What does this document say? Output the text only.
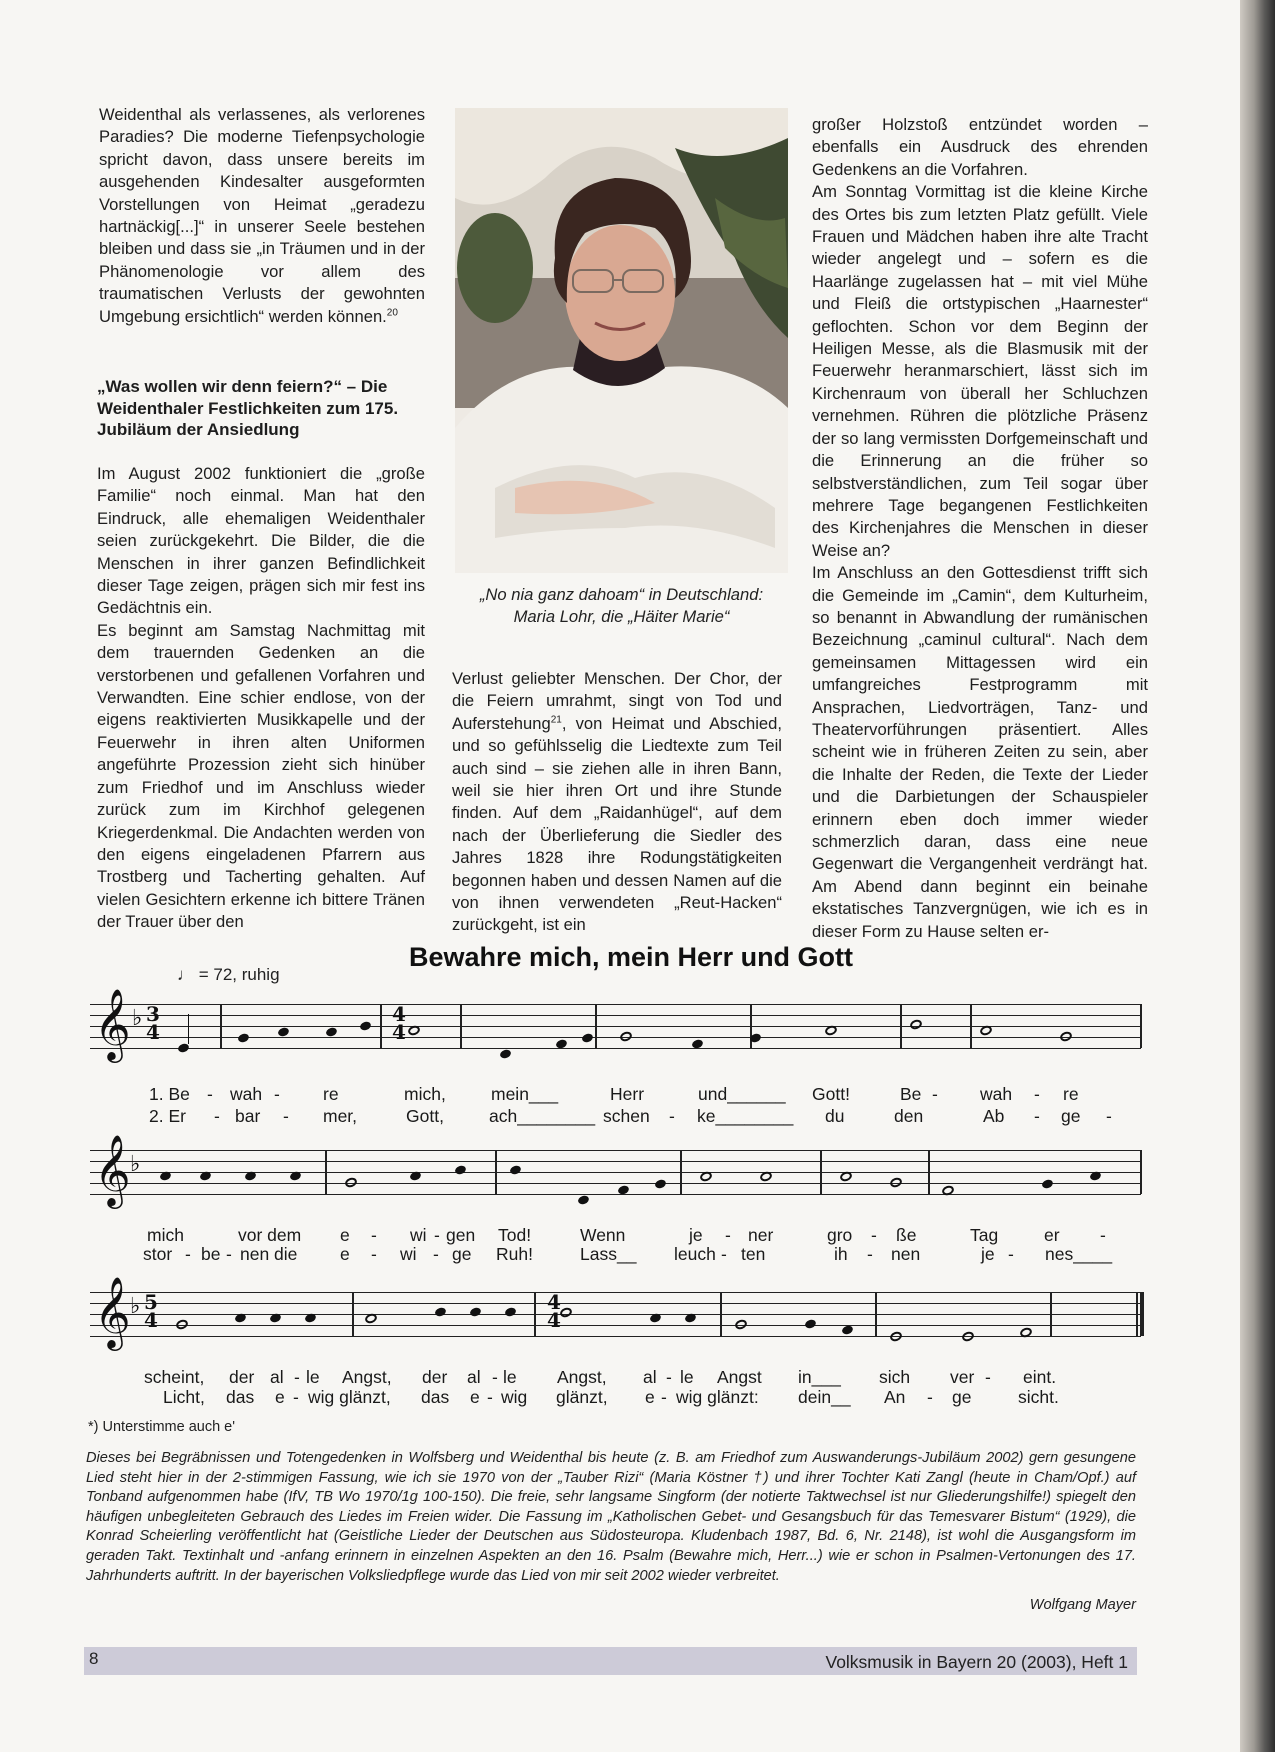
Weidenthal als verlassenes, als verlorenes Paradies? Die moderne Tiefenpsychologie spricht davon, dass unsere bereits im ausgehenden Kindesalter ausgeformten Vorstellungen von Heimat „geradezu hartnäckig[...]“ in unserer Seele bestehen bleiben und dass sie „in Träumen und in der Phänomenologie vor allem des traumatischen Verlusts der gewohnten Umgebung ersichtlich“ werden können.$^{20}$

„Was wollen wir denn feiern?“ – Die Weidenthaler Festlichkeiten zum 175. Jubiläum der Ansiedlung

Im August 2002 funktioniert die „große Familie“ noch einmal. Man hat den Eindruck, alle ehemaligen Weidenthaler seien zurückgekehrt. Die Bilder, die die Menschen in ihrer ganzen Befindlichkeit dieser Tage zeigen, prägen sich mir fest ins Gedächtnis ein.

Es beginnt am Samstag Nachmittag mit dem trauernden Gedenken an die verstorbenen und gefallenen Vorfahren und Verwandten. Eine schier endlose, von der eigens reaktivierten Musikkapelle und der Feuerwehr in ihren alten Uniformen angeführte Prozession zieht sich hinüber zum Friedhof und im Anschluss wieder zurück zum im Kirchhof gelegenen Kriegerdenkmal. Die Andachten werden von den eigens eingeladenen Pfarrern aus Trostberg und Tacherting gehalten. Auf vielen Gesichtern erkenne ich bittere Tränen der Trauer über den

„No nia ganz dahoam“ in Deutschland:
Maria Lohr, die „Häiter Marie“

Verlust geliebter Menschen. Der Chor, der die Feiern umrahmt, singt von Tod und Auferstehung$^{21}$, von Heimat und Abschied, und so gefühlsselig die Liedtexte zum Teil auch sind – sie ziehen alle in ihren Bann, weil sie hier ihren Ort und ihre Stunde finden. Auf dem „Raidanhügel“, auf dem nach der Überlieferung die Siedler des Jahres 1828 ihre Rodungstätigkeiten begonnen haben und dessen Namen auf die von ihnen verwendeten „Reut-Hacken“ zurückgeht, ist ein

großer Holzstoß entzündet worden – ebenfalls ein Ausdruck des ehrenden Gedenkens an die Vorfahren.

Am Sonntag Vormittag ist die kleine Kirche des Ortes bis zum letzten Platz gefüllt. Viele Frauen und Mädchen haben ihre alte Tracht wieder angelegt und – sofern es die Haarlänge zugelassen hat – mit viel Mühe und Fleiß die ortstypischen „Haarnester“ geflochten. Schon vor dem Beginn der Heiligen Messe, als die Blasmusik mit der Feuerwehr heranmarschiert, lässt sich im Kirchenraum von überall her Schluchzen vernehmen. Rühren die plötzliche Präsenz der so lang vermissten Dorfgemeinschaft und die Erinnerung an die früher so selbstverständlichen, zum Teil sogar über mehrere Tage begangenen Festlichkeiten des Kirchenjahres die Menschen in dieser Weise an?

Im Anschluss an den Gottesdienst trifft sich die Gemeinde im „Camin“, dem Kulturheim, so benannt in Abwandlung der rumänischen Bezeichnung „caminul cultural“. Nach dem gemeinsamen Mittagessen wird ein umfangreiches Festprogramm mit Ansprachen, Liedvorträgen, Tanz- und Theatervorführungen präsentiert. Alles scheint wie in früheren Zeiten zu sein, aber die Inhalte der Reden, die Texte der Lieder und die Darbietungen der Schauspieler erinnern eben doch immer wieder schmerzlich daran, dass eine neue Gegenwart die Vergangenheit verdrängt hat. Am Abend dann beginnt ein beinahe ekstatisches Tanzvergnügen, wie ich es in dieser Form zu Hause selten er-

Bewahre mich, mein Herr und Gott
♩ = 72, ruhig
𝄞 ♭ 3
4
4
4
1. Be - wah - re	mich,	mein___	Herr	und______ Gott!	Be - wah - re
2. Er - bar - mer,	Gott,	ach________ schen - ke________ du	den	Ab - ge -
𝄞 ♭
mich	vor dem e - wi - gen Tod!	Wenn	je - ner	gro - ße	Tag	er -
stor - be - nen die e - wi - ge Ruh!	Lass__ leuch - ten	ih - nen	je - nes____
𝄞 ♭ 5
4
4
4
scheint, der al - le Angst, der al - le Angst, al - le Angst in___ sich ver - eint.
Licht, das e - wig glänzt, das e - wig glänzt, e - wig glänzt: dein__ An - ge	sicht.
*) Unterstimme auch e'
Dieses bei Begräbnissen und Totengedenken in Wolfsberg und Weidenthal bis heute (z. B. am Friedhof zum Auswanderungs-Jubiläum 2002) gern gesungene Lied steht hier in der 2-stimmigen Fassung, wie ich sie 1970 von der „Tauber Rizi“ (Maria Köstner †) und ihrer Tochter Kati Zangl (heute in Cham/Opf.) auf Tonband aufgenommen habe (IfV, TB Wo 1970/1g 100-150). Die freie, sehr langsame Singform (der notierte Taktwechsel ist nur Gliederungshilfe!) spiegelt den häufigen unbegleiteten Gebrauch des Liedes im Freien wider. Die Fassung im „Katholischen Gebet- und Gesangsbuch für das Temesvarer Bistum“ (1929), die Konrad Scheierling veröffentlicht hat (Geistliche Lieder der Deutschen aus Südosteuropa. Kludenbach 1987, Bd. 6, Nr. 2148), ist wohl die Ausgangsform im geraden Takt. Textinhalt und -anfang erinnern in einzelnen Aspekten an den 16. Psalm (Bewahre mich, Herr...) wie er schon in Psalmen-Vertonungen des 17. Jahrhunderts auftritt. In der bayerischen Volksliedpflege wurde das Lied von mir seit 2002 wieder verbreitet.
Wolfgang Mayer
8	Volksmusik in Bayern 20 (2003), Heft 1
